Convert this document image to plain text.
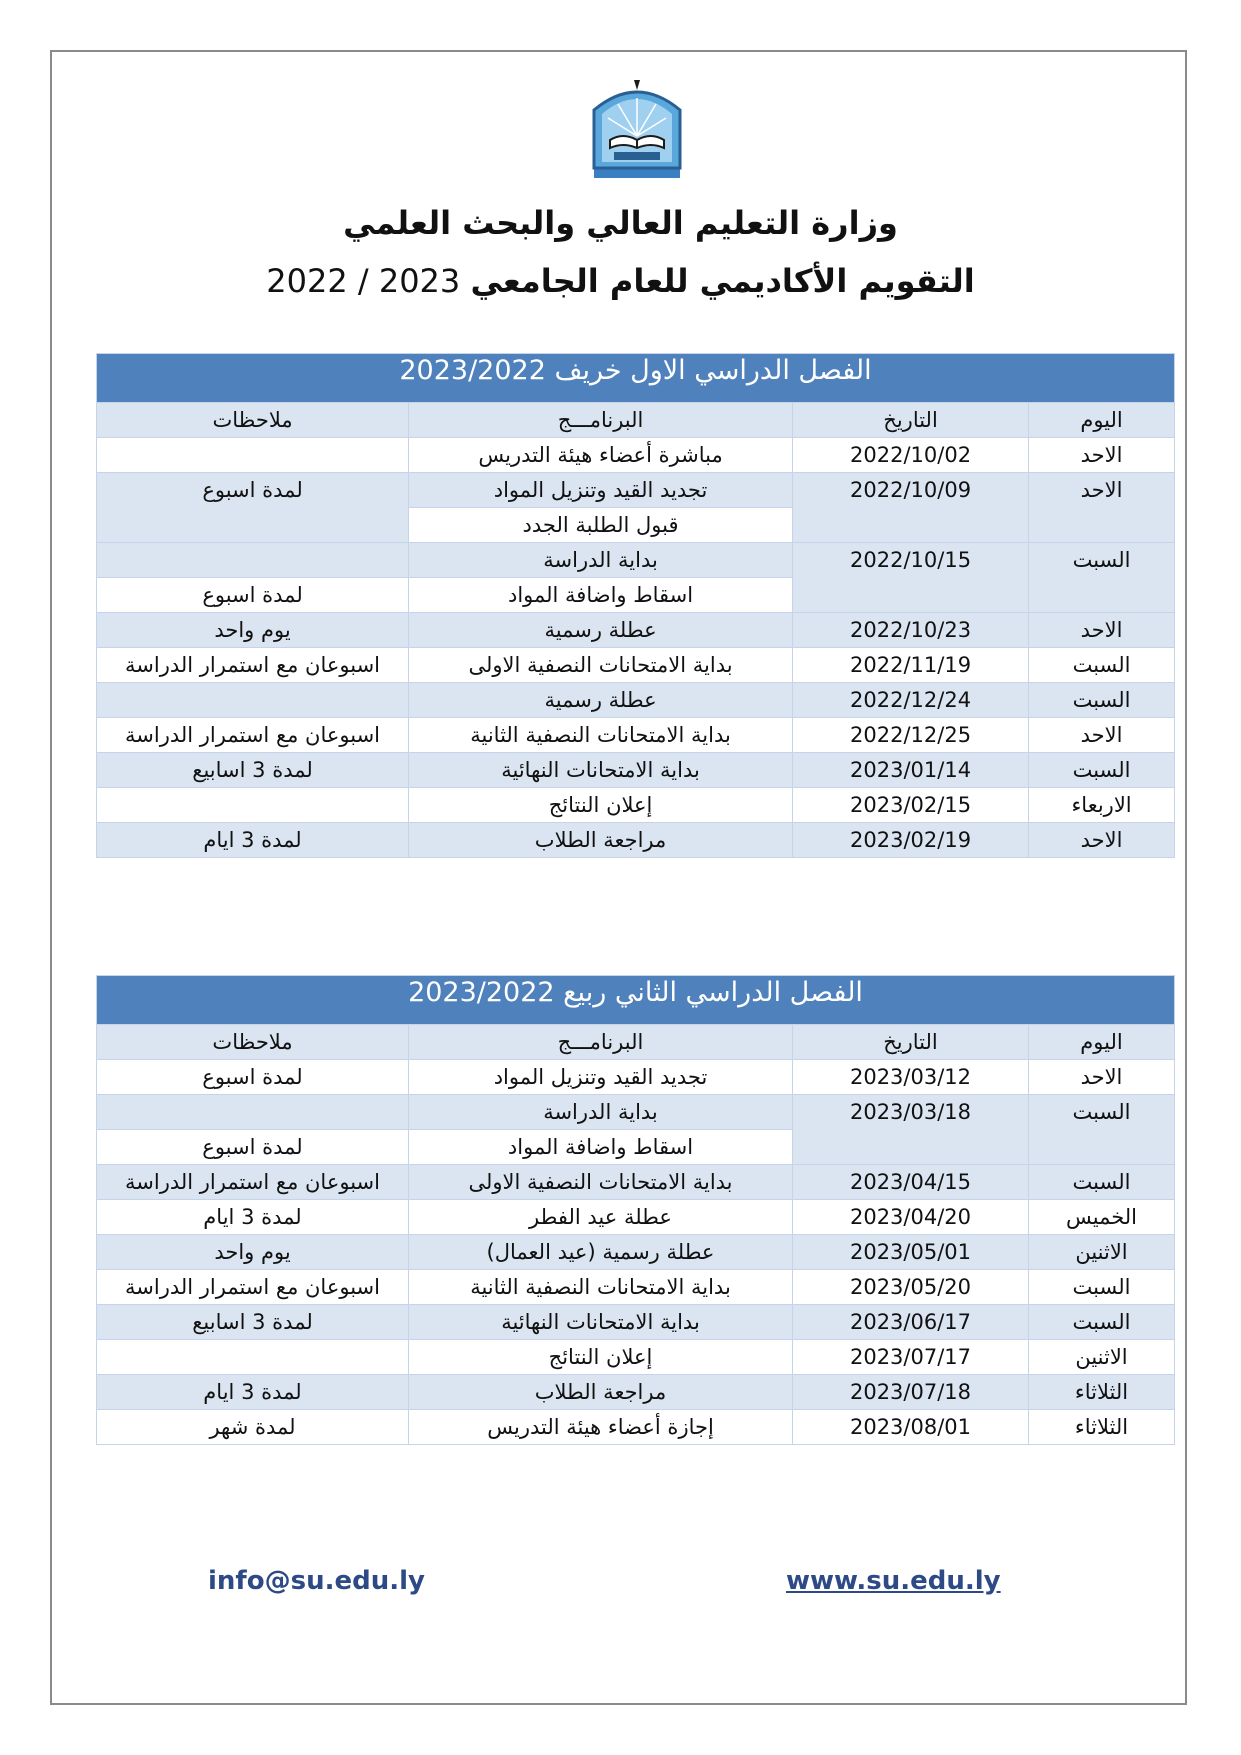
وزارة التعليم العالي والبحث العلمي
التقويم الأكاديمي للعام الجامعي 2023 / 2022
الفصل الدراسي الاول خريف 2023/2022			
اليوم	التاريخ	البرنامـــج	ملاحظات
الاحد	2022/10/02	مباشرة أعضاء هيئة التدريس	
الاحد	2022/10/09	تجديد القيد وتنزيل المواد	لمدة اسبوع
		قبول الطلبة الجدد	
السبت	2022/10/15	بداية الدراسة	
		اسقاط واضافة المواد	لمدة اسبوع
الاحد	2022/10/23	عطلة رسمية	يوم واحد
السبت	2022/11/19	بداية الامتحانات النصفية الاولى	اسبوعان مع استمرار الدراسة
السبت	2022/12/24	عطلة رسمية	
الاحد	2022/12/25	بداية الامتحانات النصفية الثانية	اسبوعان مع استمرار الدراسة
السبت	2023/01/14	بداية الامتحانات النهائية	لمدة 3 اسابيع
الاربعاء	2023/02/15	إعلان النتائج	
الاحد	2023/02/19	مراجعة الطلاب	لمدة 3 ايام
الفصل الدراسي الثاني ربيع 2023/2022			
اليوم	التاريخ	البرنامـــج	ملاحظات
الاحد	2023/03/12	تجديد القيد وتنزيل المواد	لمدة اسبوع
السبت	2023/03/18	بداية الدراسة	
		اسقاط واضافة المواد	لمدة اسبوع
السبت	2023/04/15	بداية الامتحانات النصفية الاولى	اسبوعان مع استمرار الدراسة
الخميس	2023/04/20	عطلة عيد الفطر	لمدة 3 ايام
الاثنين	2023/05/01	عطلة رسمية (عيد العمال)	يوم واحد
السبت	2023/05/20	بداية الامتحانات النصفية الثانية	اسبوعان مع استمرار الدراسة
السبت	2023/06/17	بداية الامتحانات النهائية	لمدة 3 اسابيع
الاثنين	2023/07/17	إعلان النتائج	
الثلاثاء	2023/07/18	مراجعة الطلاب	لمدة 3 ايام
الثلاثاء	2023/08/01	إجازة أعضاء هيئة التدريس	لمدة شهر
info@su.edu.ly	www.su.edu.ly
